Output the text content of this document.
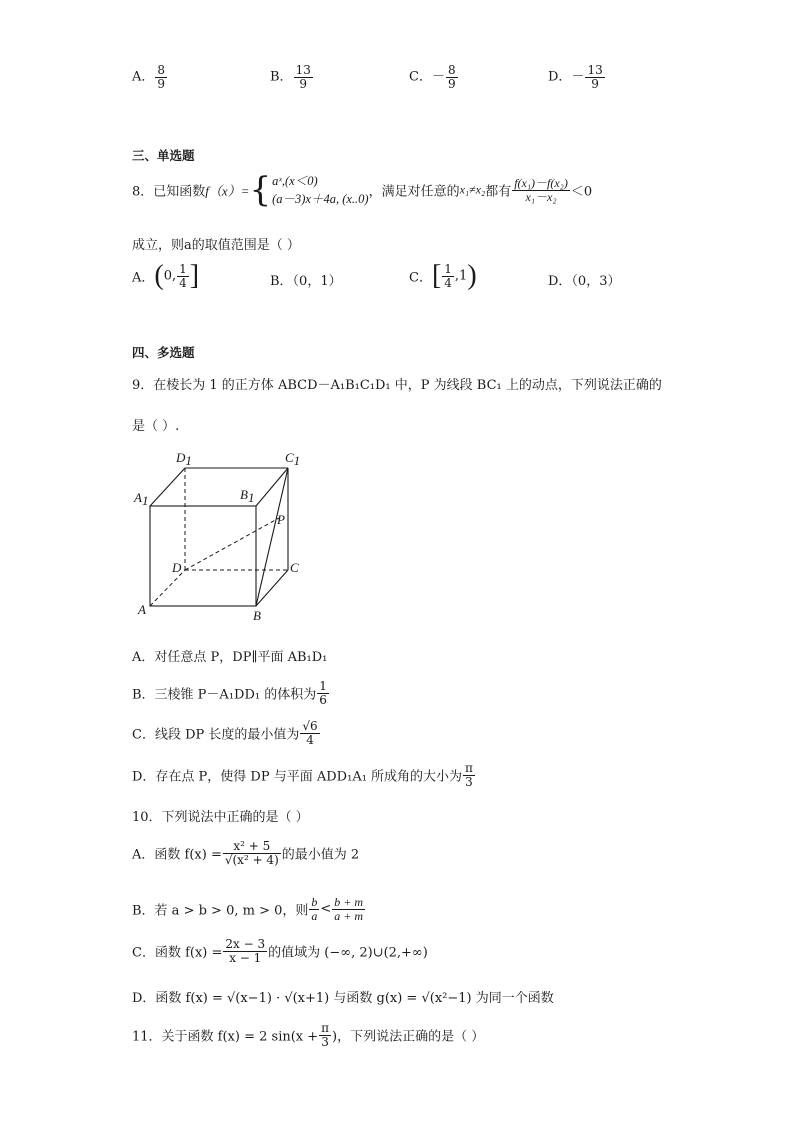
A． $\frac{8}{9}$	B． $\frac{13}{9}$	C．－ $\frac{8}{9}$	D．－ $\frac{13}{9}$
三、单选题
8．已知函数f（x）={ aˣ,(x＜0)
(a－3)x＋4a, (x..0) ，满足对任意的x₁≠x₂都有 $\frac{\text{f(x₁)－f(x₂)}}{\text{x₁－x₂}} <0$
成立，则a的取值范围是（ ）
A．(0, $\frac{1}{4}$ ]	B．（0，1）	C．[ $\frac{1}{4} ,1$)	D．（0，3）
四、多选题
9．在棱长为 1 的正方体 ABCD－A₁B₁C₁D₁ 中，P 为线段 BC₁ 上的动点，下列说法正确的
是（ ）.
D1	C1
A1	B1
P
D	C
A	B
A．对任意点 P，DP∥平面 AB₁D₁
B．三棱锥 P－A₁DD₁ 的体积为 $\frac{1}{6}$
C．线段 DP 长度的最小值为 $\frac{√6}{4}$
D．存在点 P，使得 DP 与平面 ADD₁A₁ 所成角的大小为 $\frac{\pi}{3}$
10．下列说法中正确的是（ ）
A．函数 $f(x) = \frac{\text{x² + 5}}{\text{√(x² + 4)}}$ 的最小值为 2
B．若 a > b > 0, m > 0，则 $\frac{b}{a} < \frac{b + m}{a + m}$
C．函数 $f(x) = \frac{2x - 3}{x - 1}$ 的值域为 (−∞, 2)∪(2,+∞)
D．函数 f(x) = √(x−1) · √(x+1) 与函数 g(x) = √(x²−1) 为同一个函数
11．关于函数 f(x) = 2 $\sin(x + \frac{\pi}{3}$ )，下列说法正确的是（ ）
